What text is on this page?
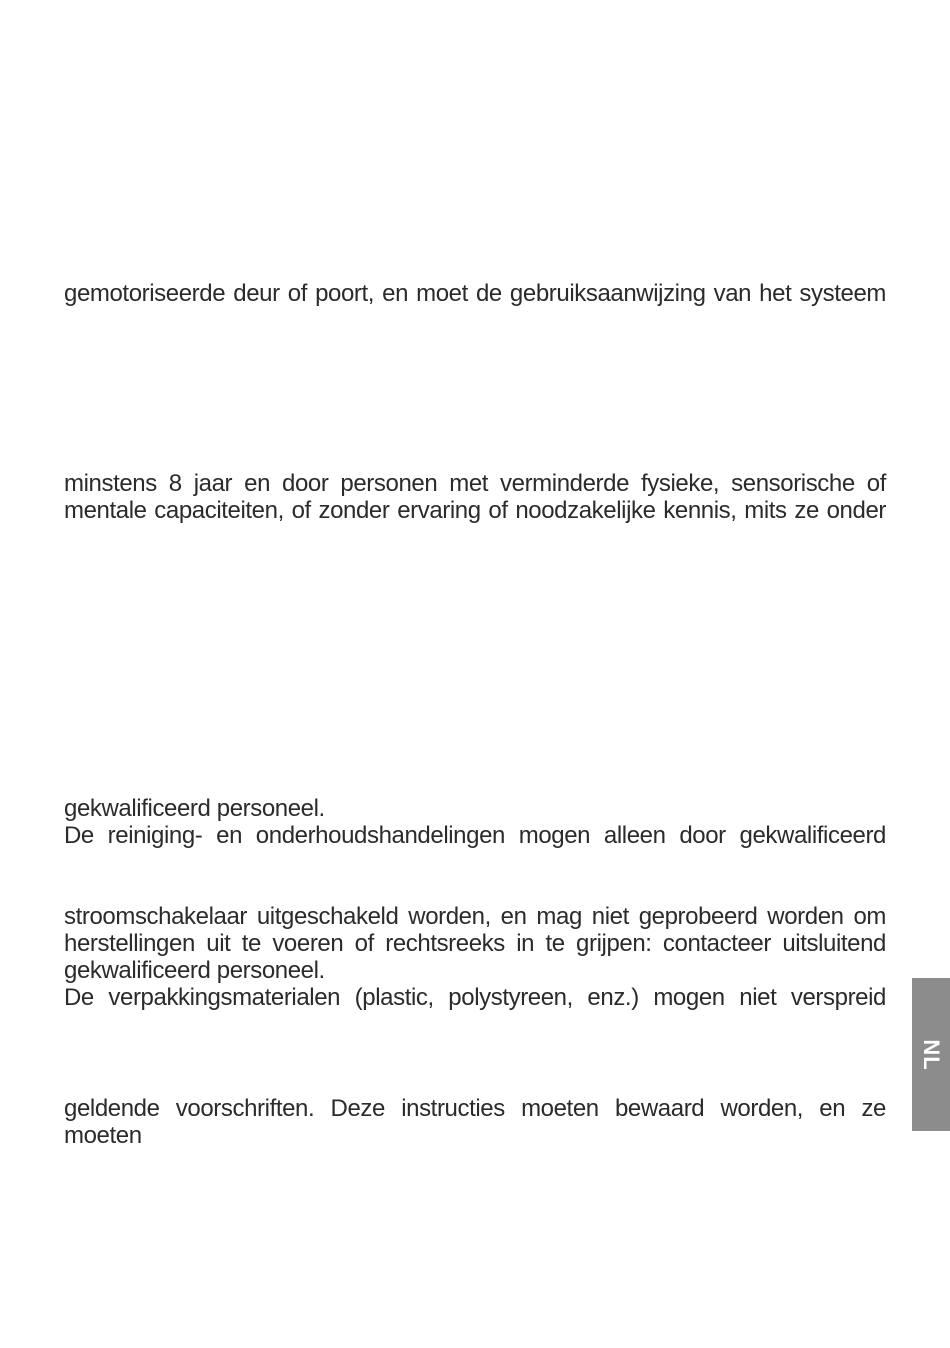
gemotoriseerde deur of poort, en moet de gebruiksaanwijzing van het systeem
minstens 8 jaar en door personen met verminderde fysieke, sensorische of
mentale capaciteiten, of zonder ervaring of noodzakelijke kennis, mits ze onder
gekwalificeerd personeel.
De reiniging- en onderhoudshandelingen mogen alleen door gekwalificeerd
stroomschakelaar uitgeschakeld worden, en mag niet geprobeerd worden om
herstellingen uit te voeren of rechtsreeks in te grijpen: contacteer uitsluitend
gekwalificeerd personeel.
De verpakkingsmaterialen (plastic, polystyreen, enz.) mogen niet verspreid
geldende voorschriften. Deze instructies moeten bewaard worden, en ze moeten
NL
